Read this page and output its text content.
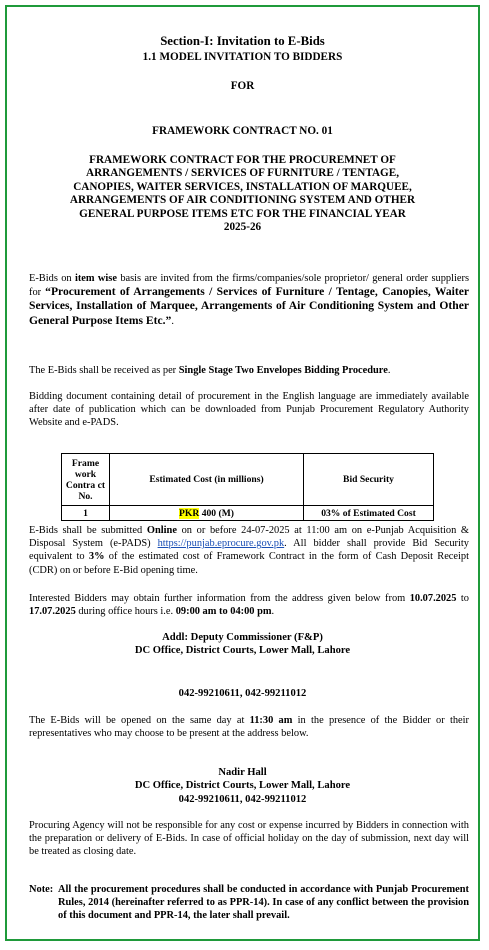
Section-I: Invitation to E-Bids
1.1 MODEL INVITATION TO BIDDERS
FOR
FRAMEWORK CONTRACT NO. 01
FRAMEWORK CONTRACT FOR THE PROCUREMNET OF
ARRANGEMENTS / SERVICES OF FURNITURE / TENTAGE,
CANOPIES, WAITER SERVICES, INSTALLATION OF MARQUEE,
ARRANGEMENTS OF AIR CONDITIONING SYSTEM AND OTHER
GENERAL PURPOSE ITEMS ETC FOR THE FINANCIAL YEAR
2025-26
E-Bids on item wise basis are invited from the firms/companies/sole proprietor/ general order suppliers for “Procurement of Arrangements / Services of Furniture / Tentage, Canopies, Waiter Services, Installation of Marquee, Arrangements of Air Conditioning System and Other General Purpose Items Etc.”.
The E-Bids shall be received as per Single Stage Two Envelopes Bidding Procedure.
Bidding document containing detail of procurement in the English language are immediately available after date of publication which can be downloaded from Punjab Procurement Regulatory Authority Website and e-PADS.
Frame work Contra ct No.	Estimated Cost (in millions)	Bid Security
1	PKR 400 (M)	03% of Estimated Cost
E-Bids shall be submitted Online on or before 24-07-2025 at 11:00 am on e-Punjab Acquisition & Disposal System (e-PADS) https://punjab.eprocure.gov.pk. All bidder shall provide Bid Security equivalent to 3% of the estimated cost of Framework Contract in the form of Cash Deposit Receipt (CDR) on or before E-Bid opening time.
Interested Bidders may obtain further information from the address given below from 10.07.2025 to 17.07.2025 during office hours i.e. 09:00 am to 04:00 pm.
Addl: Deputy Commissioner (F&P)
DC Office, District Courts, Lower Mall, Lahore
042-99210611, 042-99211012
The E-Bids will be opened on the same day at 11:30 am in the presence of the Bidder or their representatives who may choose to be present at the address below.
Nadir Hall
DC Office, District Courts, Lower Mall, Lahore
042-99210611, 042-99211012
Procuring Agency will not be responsible for any cost or expense incurred by Bidders in connection with the preparation or delivery of E-Bids. In case of official holiday on the day of submission, next day will be treated as closing date.
Note: All the procurement procedures shall be conducted in accordance with Punjab Procurement Rules, 2014 (hereinafter referred to as PPR-14). In case of any conflict between the provision of this document and PPR-14, the later shall prevail.
